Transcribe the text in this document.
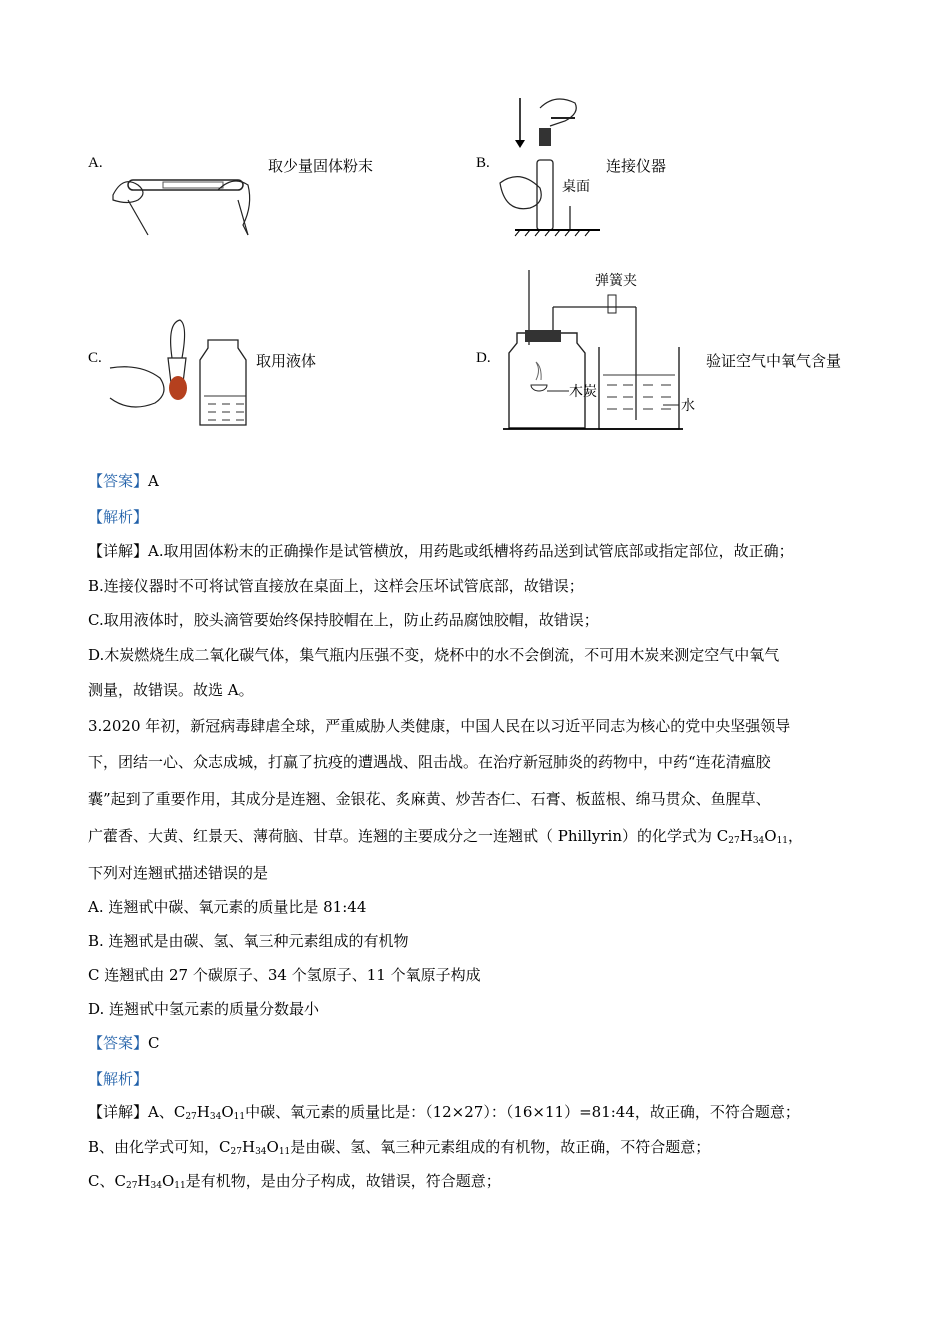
A.	取少量固体粉末	B.
桌面
连接仪器
C.	取用液体	D.
弹簧夹
木炭
水
验证空气中氧气含量
【答案】A
【解析】
【详解】A.取用固体粉末的正确操作是试管横放，用药匙或纸槽将药品送到试管底部或指定部位，故正确；
B.连接仪器时不可将试管直接放在桌面上，这样会压坏试管底部，故错误；
C.取用液体时，胶头滴管要始终保持胶帽在上，防止药品腐蚀胶帽，故错误；
D.木炭燃烧生成二氧化碳气体，集气瓶内压强不变，烧杯中的水不会倒流，不可用木炭来测定空气中氧气
测量，故错误。故选 A。
3.2020 年初，新冠病毒肆虐全球，严重威胁人类健康，中国人民在以习近平同志为核心的党中央坚强领导
下，团结一心、众志成城，打赢了抗疫的遭遇战、阻击战。在治疗新冠肺炎的药物中，中药“连花清瘟胶
囊”起到了重要作用，其成分是连翘、金银花、炙麻黄、炒苦杏仁、石膏、板蓝根、绵马贯众、鱼腥草、
广藿香、大黄、红景天、薄荷脑、甘草。连翘的主要成分之一连翘甙（ Phillyrin）的化学式为 $C_{27}H_{34}O_{11}$，
下列对连翘甙描述错误的是
A. 连翘甙中碳、氧元素的质量比是 81:44
B. 连翘甙是由碳、氢、氧三种元素组成的有机物
C 连翘甙由 27 个碳原子、34 个氢原子、11 个氧原子构成
D. 连翘甙中氢元素的质量分数最小
【答案】C
【解析】
【详解】A、$C_{27}H_{34}O_{11}$中碳、氧元素的质量比是：（12×27）：（16×11）=81:44，故正确，不符合题意；
B、由化学式可知，$C_{27}H_{34}O_{11}$是由碳、氢、氧三种元素组成的有机物，故正确，不符合题意；
C、$C_{27}H_{34}O_{11}$是有机物，是由分子构成，故错误，符合题意；
